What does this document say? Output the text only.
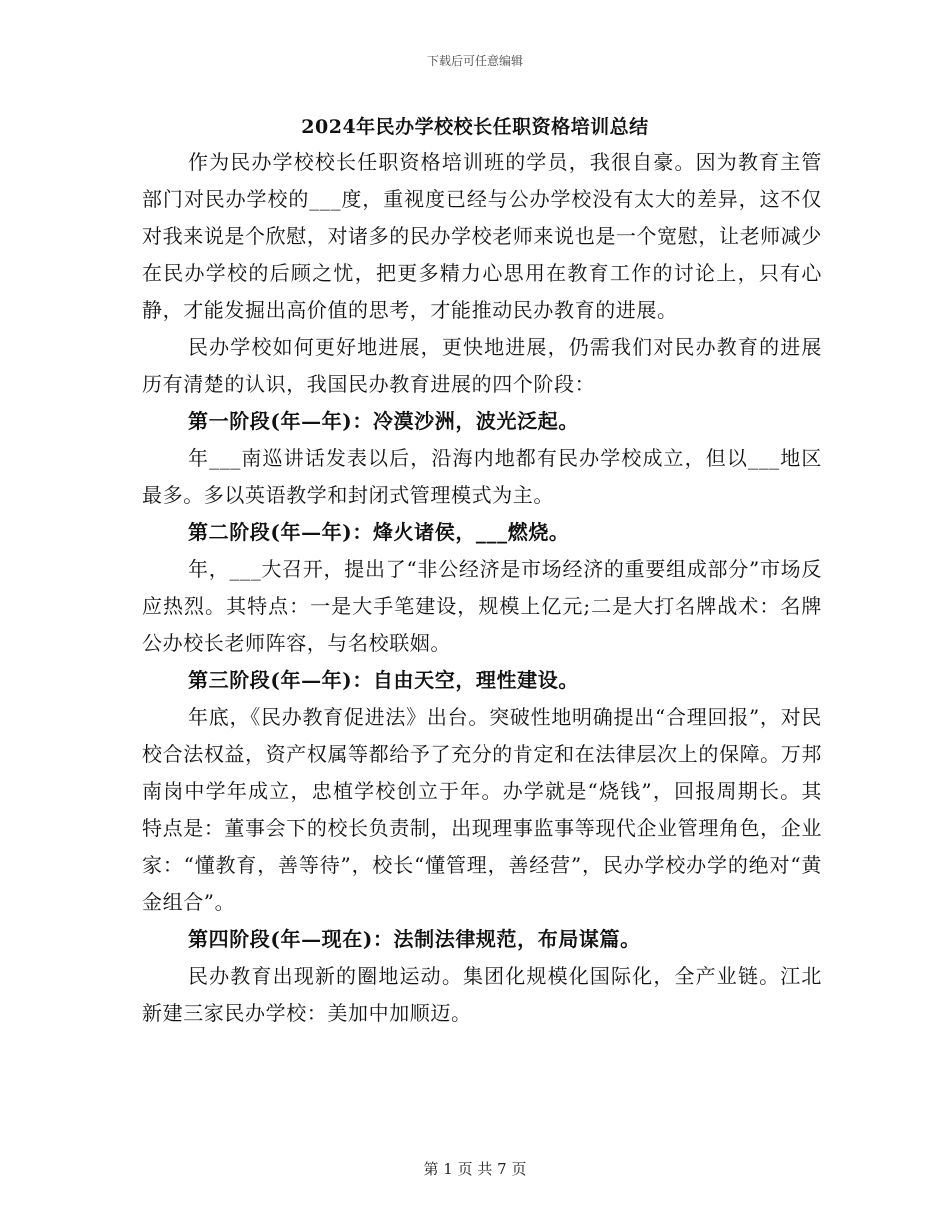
下载后可任意编辑
2024年民办学校校长任职资格培训总结

作为民办学校校长任职资格培训班的学员，我很自豪。因为教育主管部门对民办学校的___度，重视度已经与公办学校没有太大的差异，这不仅对我来说是个欣慰，对诸多的民办学校老师来说也是一个宽慰，让老师减少在民办学校的后顾之忧，把更多精力心思用在教育工作的讨论上，只有心静，才能发掘出高价值的思考，才能推动民办教育的进展。

民办学校如何更好地进展，更快地进展，仍需我们对民办教育的进展历有清楚的认识，我国民办教育进展的四个阶段：

第一阶段(年—年)：冷漠沙洲，波光泛起。

年___南巡讲话发表以后，沿海内地都有民办学校成立，但以___地区最多。多以英语教学和封闭式管理模式为主。

第二阶段(年—年)：烽火诸侯，___燃烧。

年，___大召开，提出了“非公经济是市场经济的重要组成部分”市场反应热烈。其特点：一是大手笔建设，规模上亿元;二是大打名牌战术：名牌公办校长老师阵容，与名校联姻。

第三阶段(年—年)：自由天空，理性建设。

年底，《民办教育促进法》出台。突破性地明确提出“合理回报”，对民校合法权益，资产权属等都给予了充分的肯定和在法律层次上的保障。万邦南岗中学年成立，忠植学校创立于年。办学就是“烧钱”，回报周期长。其特点是：董事会下的校长负责制，出现理事监事等现代企业管理角色，企业家：“懂教育，善等待”，校长“懂管理，善经营”，民办学校办学的绝对“黄金组合”。

第四阶段(年—现在)：法制法律规范，布局谋篇。

民办教育出现新的圈地运动。集团化规模化国际化，全产业链。江北新建三家民办学校：美加中加顺迈。

第 1 页 共 7 页
